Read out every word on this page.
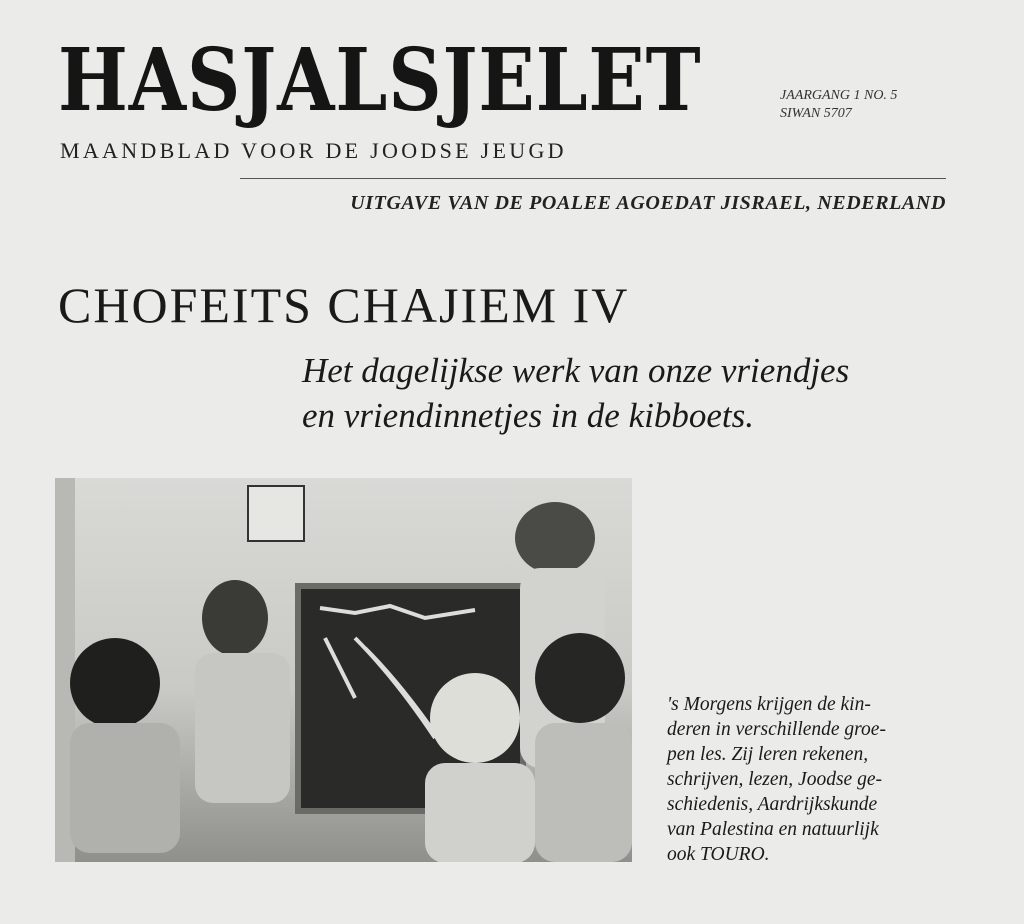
HASJALSJELET
MAANDBLAD VOOR DE JOODSE JEUGD
JAARGANG 1 NO. 5
SIWAN 5707
UITGAVE VAN DE POALEE AGOEDAT JISRAEL, NEDERLAND
CHOFEITS CHAJIEM IV
Het dagelijkse werk van onze vriendjes
en vriendinnetjes in de kibboets.
's Morgens krijgen de kin-
deren in verschillende groe-
pen les. Zij leren rekenen,
schrijven, lezen, Joodse ge-
schiedenis, Aardrijkskunde
van Palestina en natuurlijk
ook TOURO.
